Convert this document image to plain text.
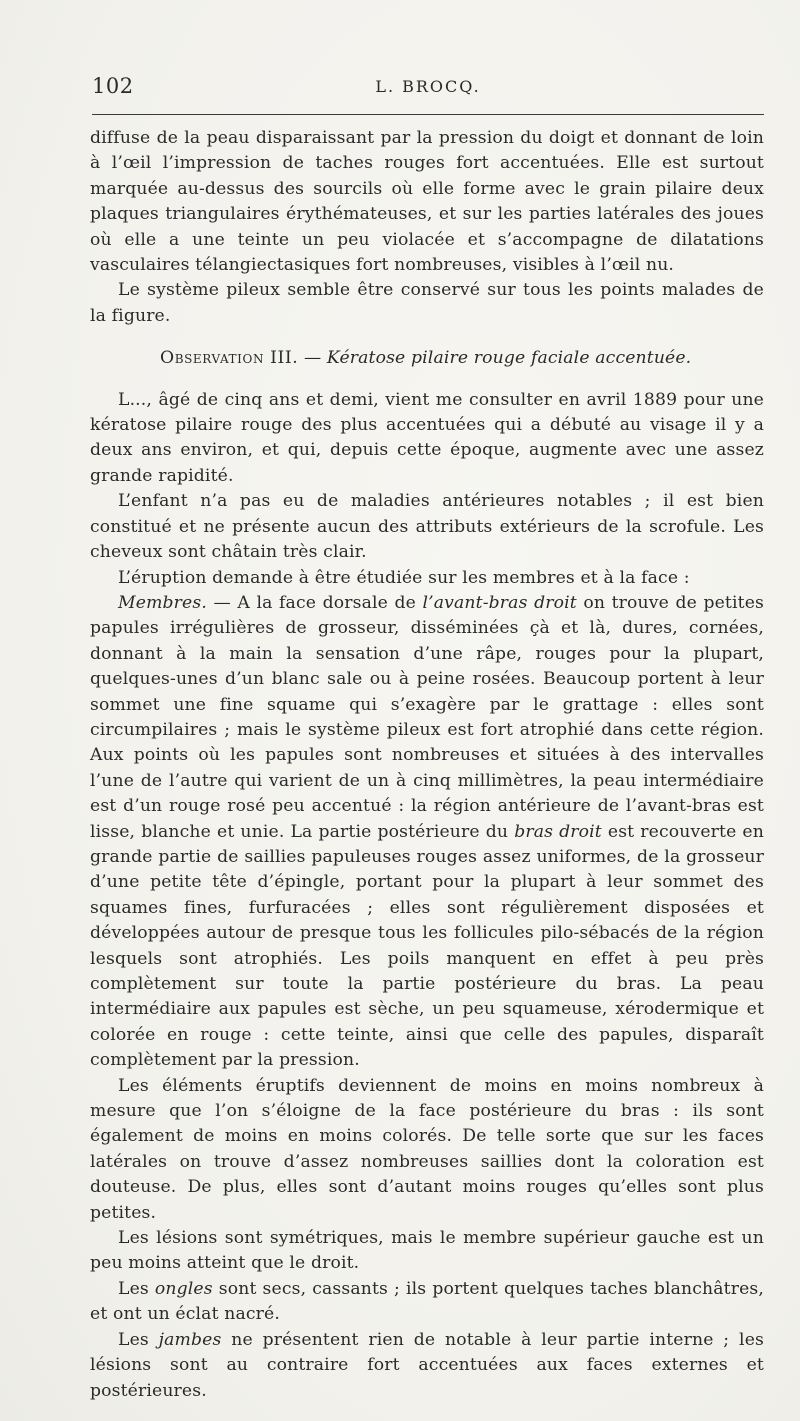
102	L. BROCQ.

diffuse de la peau disparaissant par la pression du doigt et donnant de loin à l’œil l’impression de taches rouges fort accentuées. Elle est surtout marquée au-dessus des sourcils où elle forme avec le grain pilaire deux plaques triangulaires érythémateuses, et sur les parties latérales des joues où elle a une teinte un peu violacée et s’accompagne de dilatations vasculaires télangiectasiques fort nombreuses, visibles à l’œil nu.

Le système pileux semble être conservé sur tous les points malades de la figure.

Observation III. — Kératose pilaire rouge faciale accentuée.

L..., âgé de cinq ans et demi, vient me consulter en avril 1889 pour une kératose pilaire rouge des plus accentuées qui a débuté au visage il y a deux ans environ, et qui, depuis cette époque, augmente avec une assez grande rapidité.

L’enfant n’a pas eu de maladies antérieures notables ; il est bien constitué et ne présente aucun des attributs extérieurs de la scrofule. Les cheveux sont châtain très clair.

L’éruption demande à être étudiée sur les membres et à la face :

Membres. — A la face dorsale de l’avant-bras droit on trouve de petites papules irrégulières de grosseur, disséminées çà et là, dures, cornées, donnant à la main la sensation d’une râpe, rouges pour la plupart, quelques-unes d’un blanc sale ou à peine rosées. Beaucoup portent à leur sommet une fine squame qui s’exagère par le grattage : elles sont circumpilaires ; mais le système pileux est fort atrophié dans cette région. Aux points où les papules sont nombreuses et situées à des intervalles l’une de l’autre qui varient de un à cinq millimètres, la peau intermédiaire est d’un rouge rosé peu accentué : la région antérieure de l’avant-bras est lisse, blanche et unie. La partie postérieure du bras droit est recouverte en grande partie de saillies papuleuses rouges assez uniformes, de la grosseur d’une petite tête d’épingle, portant pour la plupart à leur sommet des squames fines, furfuracées ; elles sont régulièrement disposées et développées autour de presque tous les follicules pilo-sébacés de la région lesquels sont atrophiés. Les poils manquent en effet à peu près complètement sur toute la partie postérieure du bras. La peau intermédiaire aux papules est sèche, un peu squameuse, xérodermique et colorée en rouge : cette teinte, ainsi que celle des papules, disparaît complètement par la pression.

Les éléments éruptifs deviennent de moins en moins nombreux à mesure que l’on s’éloigne de la face postérieure du bras : ils sont également de moins en moins colorés. De telle sorte que sur les faces latérales on trouve d’assez nombreuses saillies dont la coloration est douteuse. De plus, elles sont d’autant moins rouges qu’elles sont plus petites.

Les lésions sont symétriques, mais le membre supérieur gauche est un peu moins atteint que le droit.

Les ongles sont secs, cassants ; ils portent quelques taches blanchâtres, et ont un éclat nacré.

Les jambes ne présentent rien de notable à leur partie interne ; les lésions sont au contraire fort accentuées aux faces externes et postérieures.
